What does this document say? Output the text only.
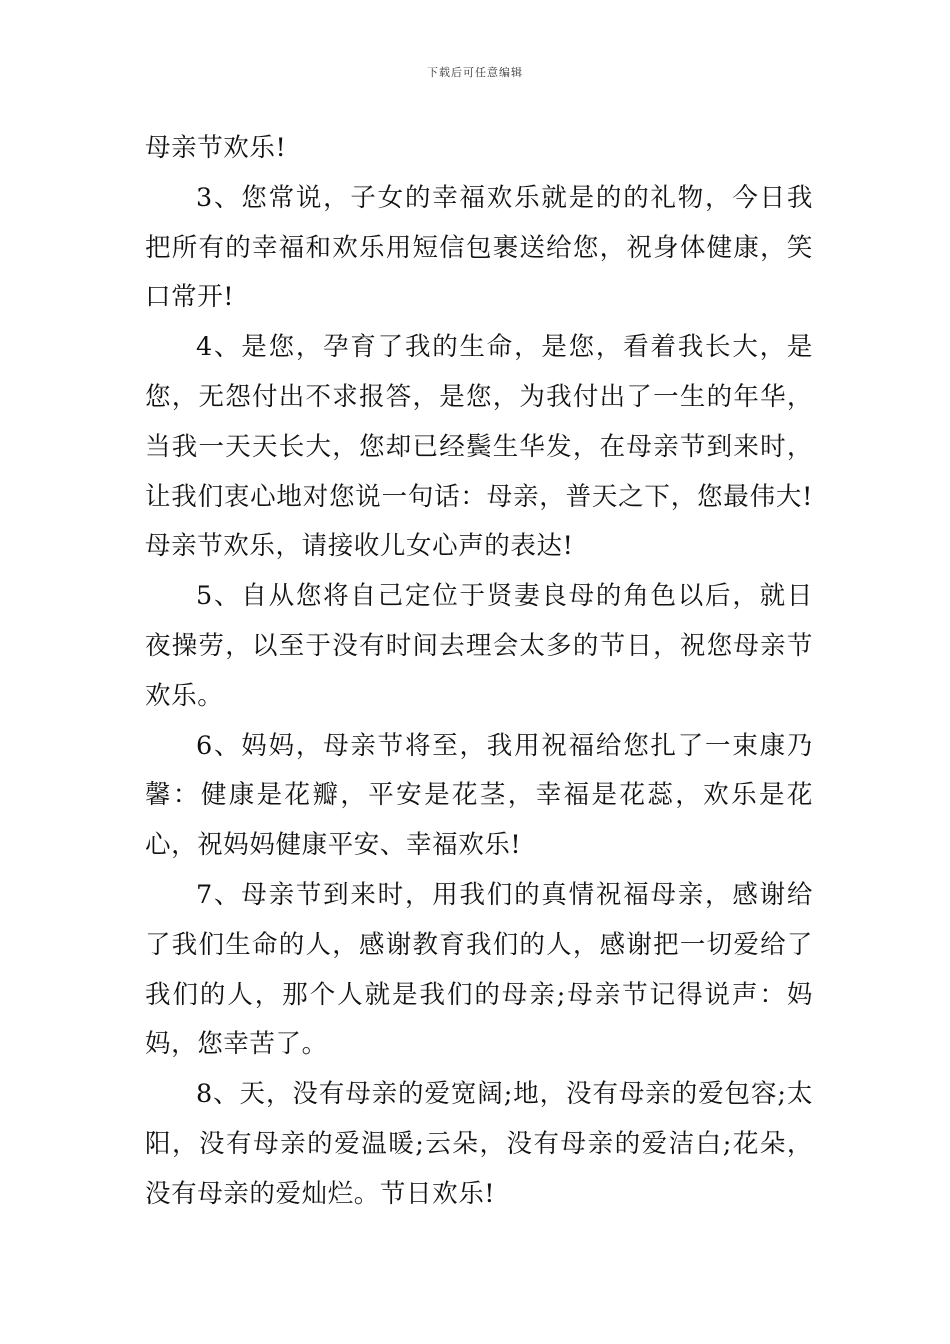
下载后可任意编辑

母亲节欢乐!

3、您常说，子女的幸福欢乐就是的的礼物，今日我把所有的幸福和欢乐用短信包裹送给您，祝身体健康，笑口常开!

4、是您，孕育了我的生命，是您，看着我长大，是您，无怨付出不求报答，是您，为我付出了一生的年华，当我一天天长大，您却已经鬓生华发，在母亲节到来时，让我们衷心地对您说一句话：母亲，普天之下，您最伟大!母亲节欢乐，请接收儿女心声的表达!

5、自从您将自己定位于贤妻良母的角色以后，就日夜操劳，以至于没有时间去理会太多的节日，祝您母亲节欢乐。

6、妈妈，母亲节将至，我用祝福给您扎了一束康乃馨：健康是花瓣，平安是花茎，幸福是花蕊，欢乐是花心，祝妈妈健康平安、幸福欢乐!

7、母亲节到来时，用我们的真情祝福母亲，感谢给了我们生命的人，感谢教育我们的人，感谢把一切爱给了我们的人，那个人就是我们的母亲;母亲节记得说声：妈妈，您幸苦了。

8、天，没有母亲的爱宽阔;地，没有母亲的爱包容;太阳，没有母亲的爱温暖;云朵，没有母亲的爱洁白;花朵，没有母亲的爱灿烂。节日欢乐!
